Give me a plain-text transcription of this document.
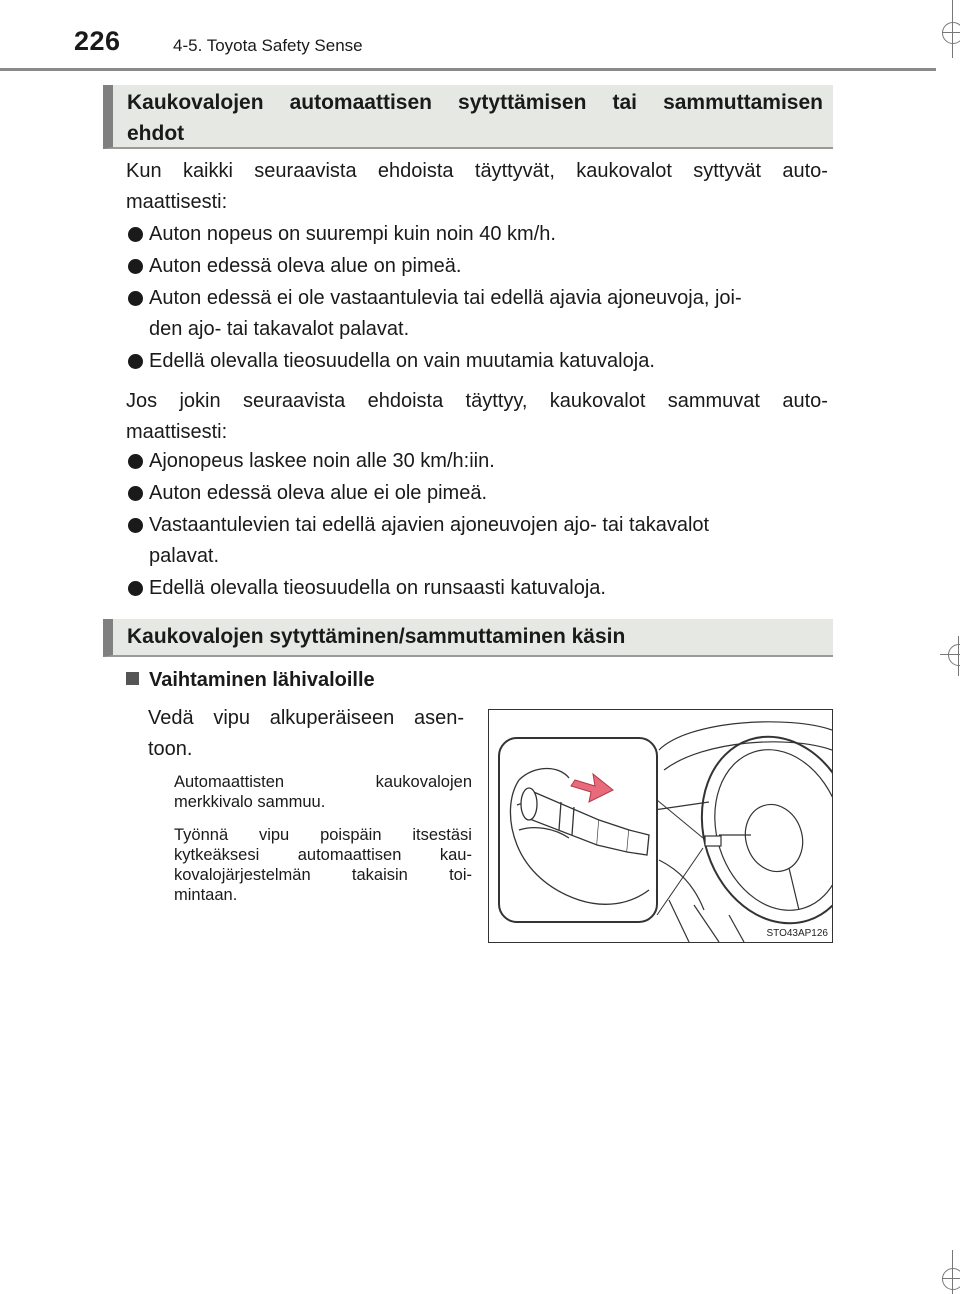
226	4-5. Toyota Safety Sense
Kaukovalojen automaattisen sytyttämisen tai sammuttamisen
ehdot
Kun kaikki seuraavista ehdoista täyttyvät, kaukovalot syttyvät auto-
maattisesti:
Auton nopeus on suurempi kuin noin 40 km/h.
Auton edessä oleva alue on pimeä.
Auton edessä ei ole vastaantulevia tai edellä ajavia ajoneuvoja, joi-
den ajo- tai takavalot palavat.
Edellä olevalla tieosuudella on vain muutamia katuvaloja.
Jos jokin seuraavista ehdoista täyttyy, kaukovalot sammuvat auto-
maattisesti:
Ajonopeus laskee noin alle 30 km/h:iin.
Auton edessä oleva alue ei ole pimeä.
Vastaantulevien tai edellä ajavien ajoneuvojen ajo- tai takavalot
palavat.
Edellä olevalla tieosuudella on runsaasti katuvaloja.
Kaukovalojen sytyttäminen/sammuttaminen käsin
Vaihtaminen lähivaloille
Vedä vipu alkuperäiseen asen-
toon.
Automaattisten	kaukovalojen
merkkivalo sammuu.
Työnnä vipu poispäin itsestäsi
kytkeäksesi automaattisen kau-
kovalojärjestelmän takaisin toi-
mintaan.
STO43AP126
